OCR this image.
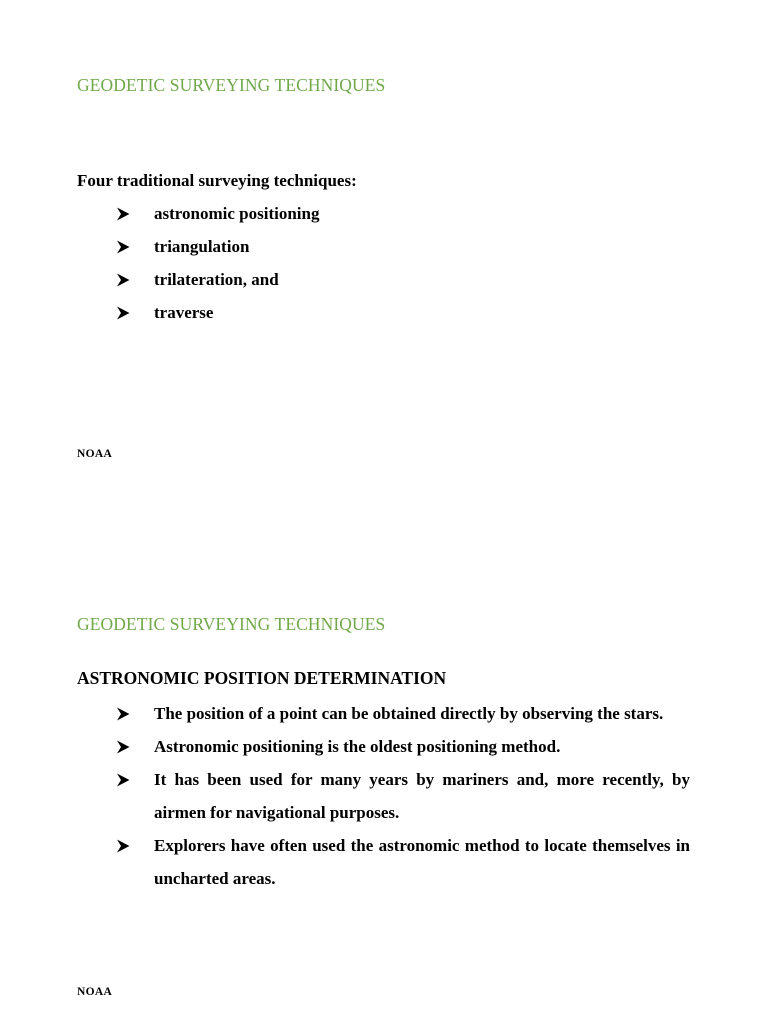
GEODETIC SURVEYING TECHNIQUES
Four traditional surveying techniques:
astronomic positioning
triangulation
trilateration, and
traverse
NOAA
GEODETIC SURVEYING TECHNIQUES
ASTRONOMIC POSITION DETERMINATION
The position of a point can be obtained directly by observing the stars.
Astronomic positioning is the oldest positioning method.
It has been used for many years by mariners and, more recently, by airmen for navigational purposes.
Explorers have often used the astronomic method to locate themselves in uncharted areas.
NOAA
